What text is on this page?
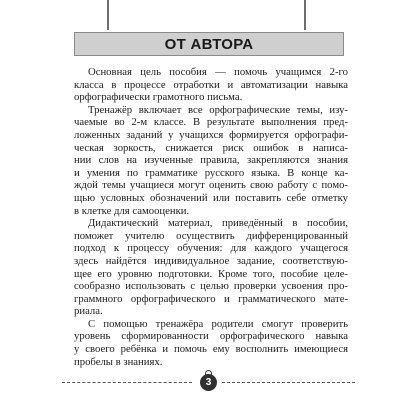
ОТ АВТОРА
Основная цель пособия — помочь учащимся 2-го
класса в процессе отработки и автоматизации навыка
орфографически грамотного письма.
Тренажёр включает все орфографические темы, изу-
чаемые во 2-м классе. В результате выполнения пред-
ложенных заданий у учащихся формируется орфографи-
ческая зоркость, снижается риск ошибок в написа-
нии слов на изученные правила, закрепляются знания
и умения по грамматике русского языка. В конце ка-
ждой темы учащиеся могут оценить свою работу с помо-
щью условных обозначений или поставить себе отметку
в клетке для самооценки.
Дидактический материал, приведённый в пособии,
поможет учителю осуществить дифференцированный
подход к процессу обучения: для каждого учащегося
здесь найдётся индивидуальное задание, соответствую-
щее его уровню подготовки. Кроме того, пособие целе-
сообразно использовать с целью проверки усвоения про-
граммного орфографического и грамматического мате-
риала.
С помощью тренажёра родители смогут проверить
уровень сформированности орфографического навыка
у своего ребёнка и помочь ему восполнить имеющиеся
пробелы в знаниях.
3
